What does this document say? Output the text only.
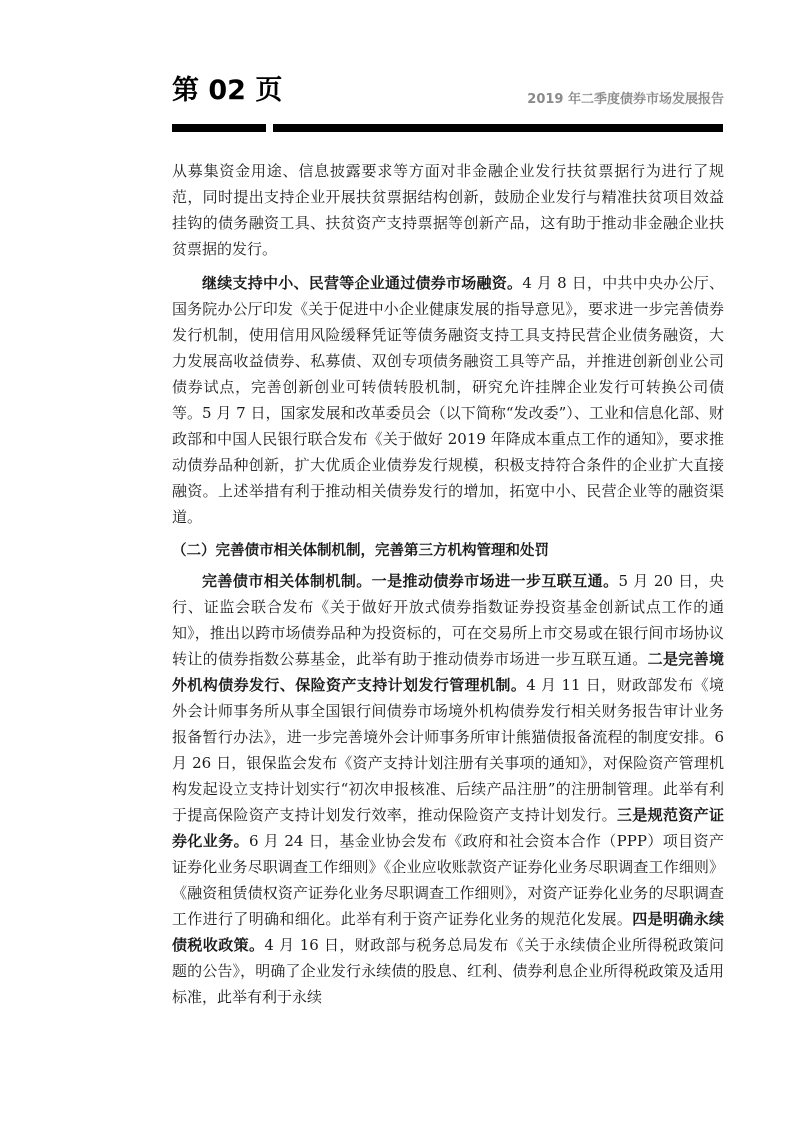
第 02 页	2019 年二季度债券市场发展报告

从募集资金用途、信息披露要求等方面对非金融企业发行扶贫票据行为进行了规范，同时提出支持企业开展扶贫票据结构创新，鼓励企业发行与精准扶贫项目效益挂钩的债务融资工具、扶贫资产支持票据等创新产品，这有助于推动非金融企业扶贫票据的发行。

继续支持中小、民营等企业通过债券市场融资。4 月 8 日，中共中央办公厅、国务院办公厅印发《关于促进中小企业健康发展的指导意见》，要求进一步完善债券发行机制，使用信用风险缓释凭证等债务融资支持工具支持民营企业债务融资，大力发展高收益债券、私募债、双创专项债务融资工具等产品，并推进创新创业公司债券试点，完善创新创业可转债转股机制，研究允许挂牌企业发行可转换公司债等。5 月 7 日，国家发展和改革委员会（以下简称“发改委”）、工业和信息化部、财政部和中国人民银行联合发布《关于做好 2019 年降成本重点工作的通知》，要求推动债券品种创新，扩大优质企业债券发行规模，积极支持符合条件的企业扩大直接融资。上述举措有利于推动相关债券发行的增加，拓宽中小、民营企业等的融资渠道。

（二）完善债市相关体制机制，完善第三方机构管理和处罚

完善债市相关体制机制。一是推动债券市场进一步互联互通。5 月 20 日，央行、证监会联合发布《关于做好开放式债券指数证券投资基金创新试点工作的通知》，推出以跨市场债券品种为投资标的，可在交易所上市交易或在银行间市场协议转让的债券指数公募基金，此举有助于推动债券市场进一步互联互通。二是完善境外机构债券发行、保险资产支持计划发行管理机制。4 月 11 日，财政部发布《境外会计师事务所从事全国银行间债券市场境外机构债券发行相关财务报告审计业务报备暂行办法》，进一步完善境外会计师事务所审计熊猫债报备流程的制度安排。6 月 26 日，银保监会发布《资产支持计划注册有关事项的通知》，对保险资产管理机构发起设立支持计划实行“初次申报核准、后续产品注册”的注册制管理。此举有利于提高保险资产支持计划发行效率，推动保险资产支持计划发行。三是规范资产证券化业务。6 月 24 日，基金业协会发布《政府和社会资本合作（PPP）项目资产证券化业务尽职调查工作细则》《企业应收账款资产证券化业务尽职调查工作细则》《融资租赁债权资产证券化业务尽职调查工作细则》，对资产证券化业务的尽职调查工作进行了明确和细化。此举有利于资产证券化业务的规范化发展。四是明确永续债税收政策。4 月 16 日，财政部与税务总局发布《关于永续债企业所得税政策问题的公告》，明确了企业发行永续债的股息、红利、债券利息企业所得税政策及适用标准，此举有利于永续
